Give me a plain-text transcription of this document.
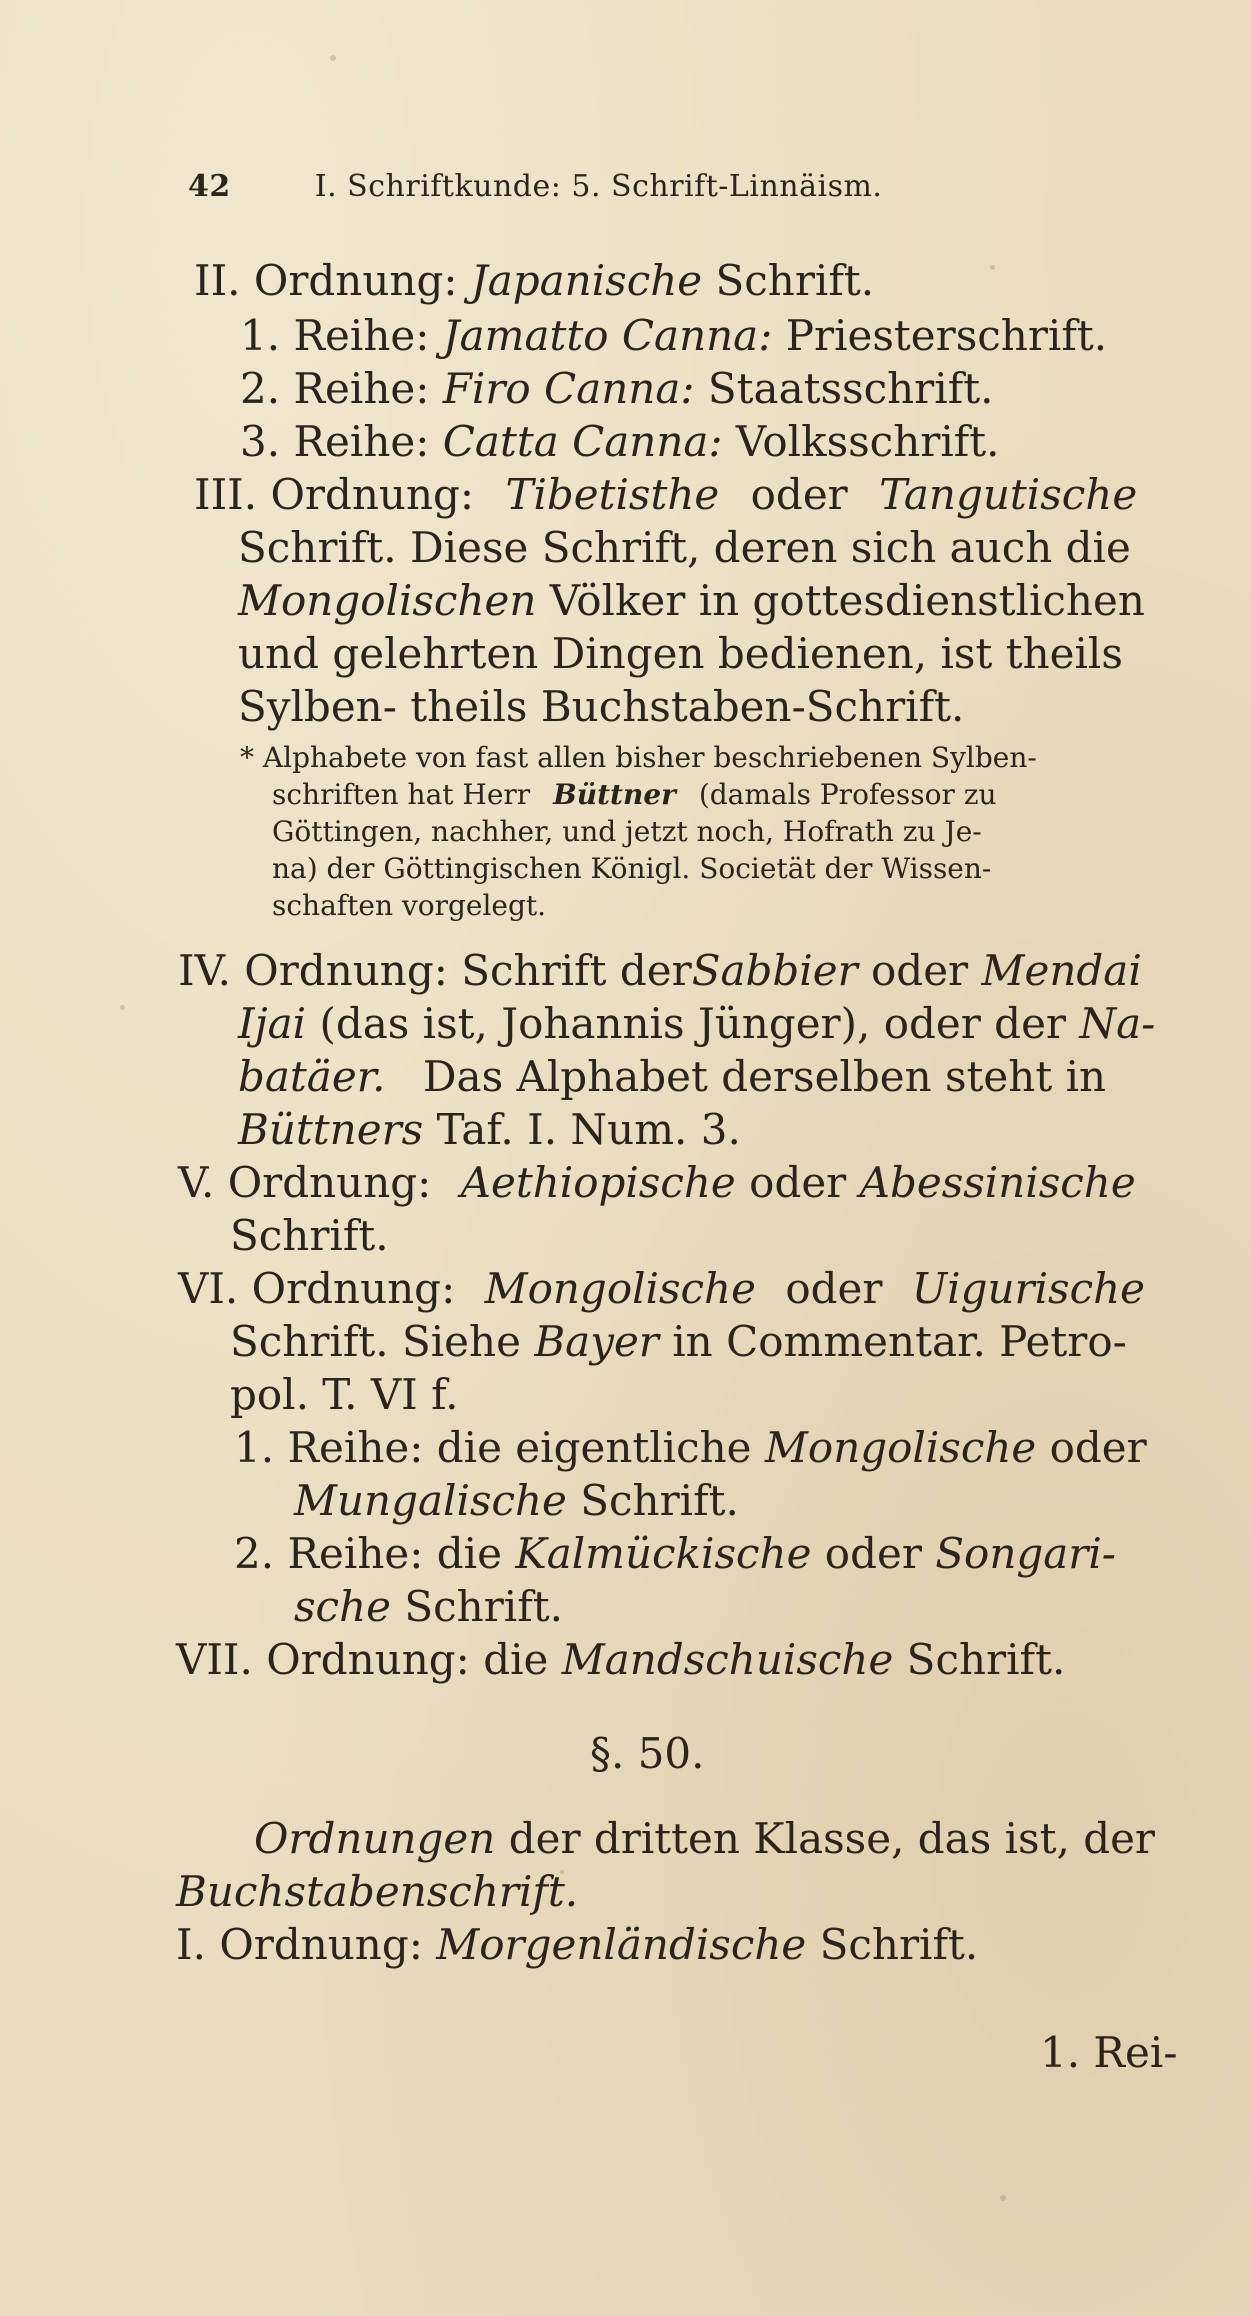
42	I. Schriftkunde: 5. Schrift-Linnäism.
II. Ordnung: Japanische Schrift.
1. Reihe: Jamatto Canna: Priesterschrift.
2. Reihe: Firo Canna: Staatsschrift.
3. Reihe: Catta Canna: Volksschrift.
III. Ordnung: Tibetisthe oder Tangutische
Schrift. Diese Schrift, deren sich auch die
Mongolischen Völker in gottesdienstlichen
und gelehrten Dingen bedienen, ist theils
Sylben- theils Buchstaben-Schrift.
* Alphabete von fast allen bisher beschriebenen Sylben-
schriften hat Herr Büttner (damals Professor zu
Göttingen, nachher, und jetzt noch, Hofrath zu Je-
na) der Göttingischen Königl. Societät der Wissen-
schaften vorgelegt.
IV. Ordnung: Schrift derSabbier oder Mendai
Ijai (das ist, Johannis Jünger), oder der Na-
batäer. Das Alphabet derselben steht in
Büttners Taf. I. Num. 3.
V. Ordnung: Aethiopische oder Abessinische
Schrift.
VI. Ordnung: Mongolische oder Uigurische
Schrift. Siehe Bayer in Commentar. Petro-
pol. T. VI f.
1. Reihe: die eigentliche Mongolische oder
Mungalische Schrift.
2. Reihe: die Kalmückische oder Songari-
sche Schrift.
VII. Ordnung: die Mandschuische Schrift.
§. 50.
Ordnungen der dritten Klasse, das ist, der
Buchstabenschrift.
I. Ordnung: Morgenländische Schrift.
1. Rei-
